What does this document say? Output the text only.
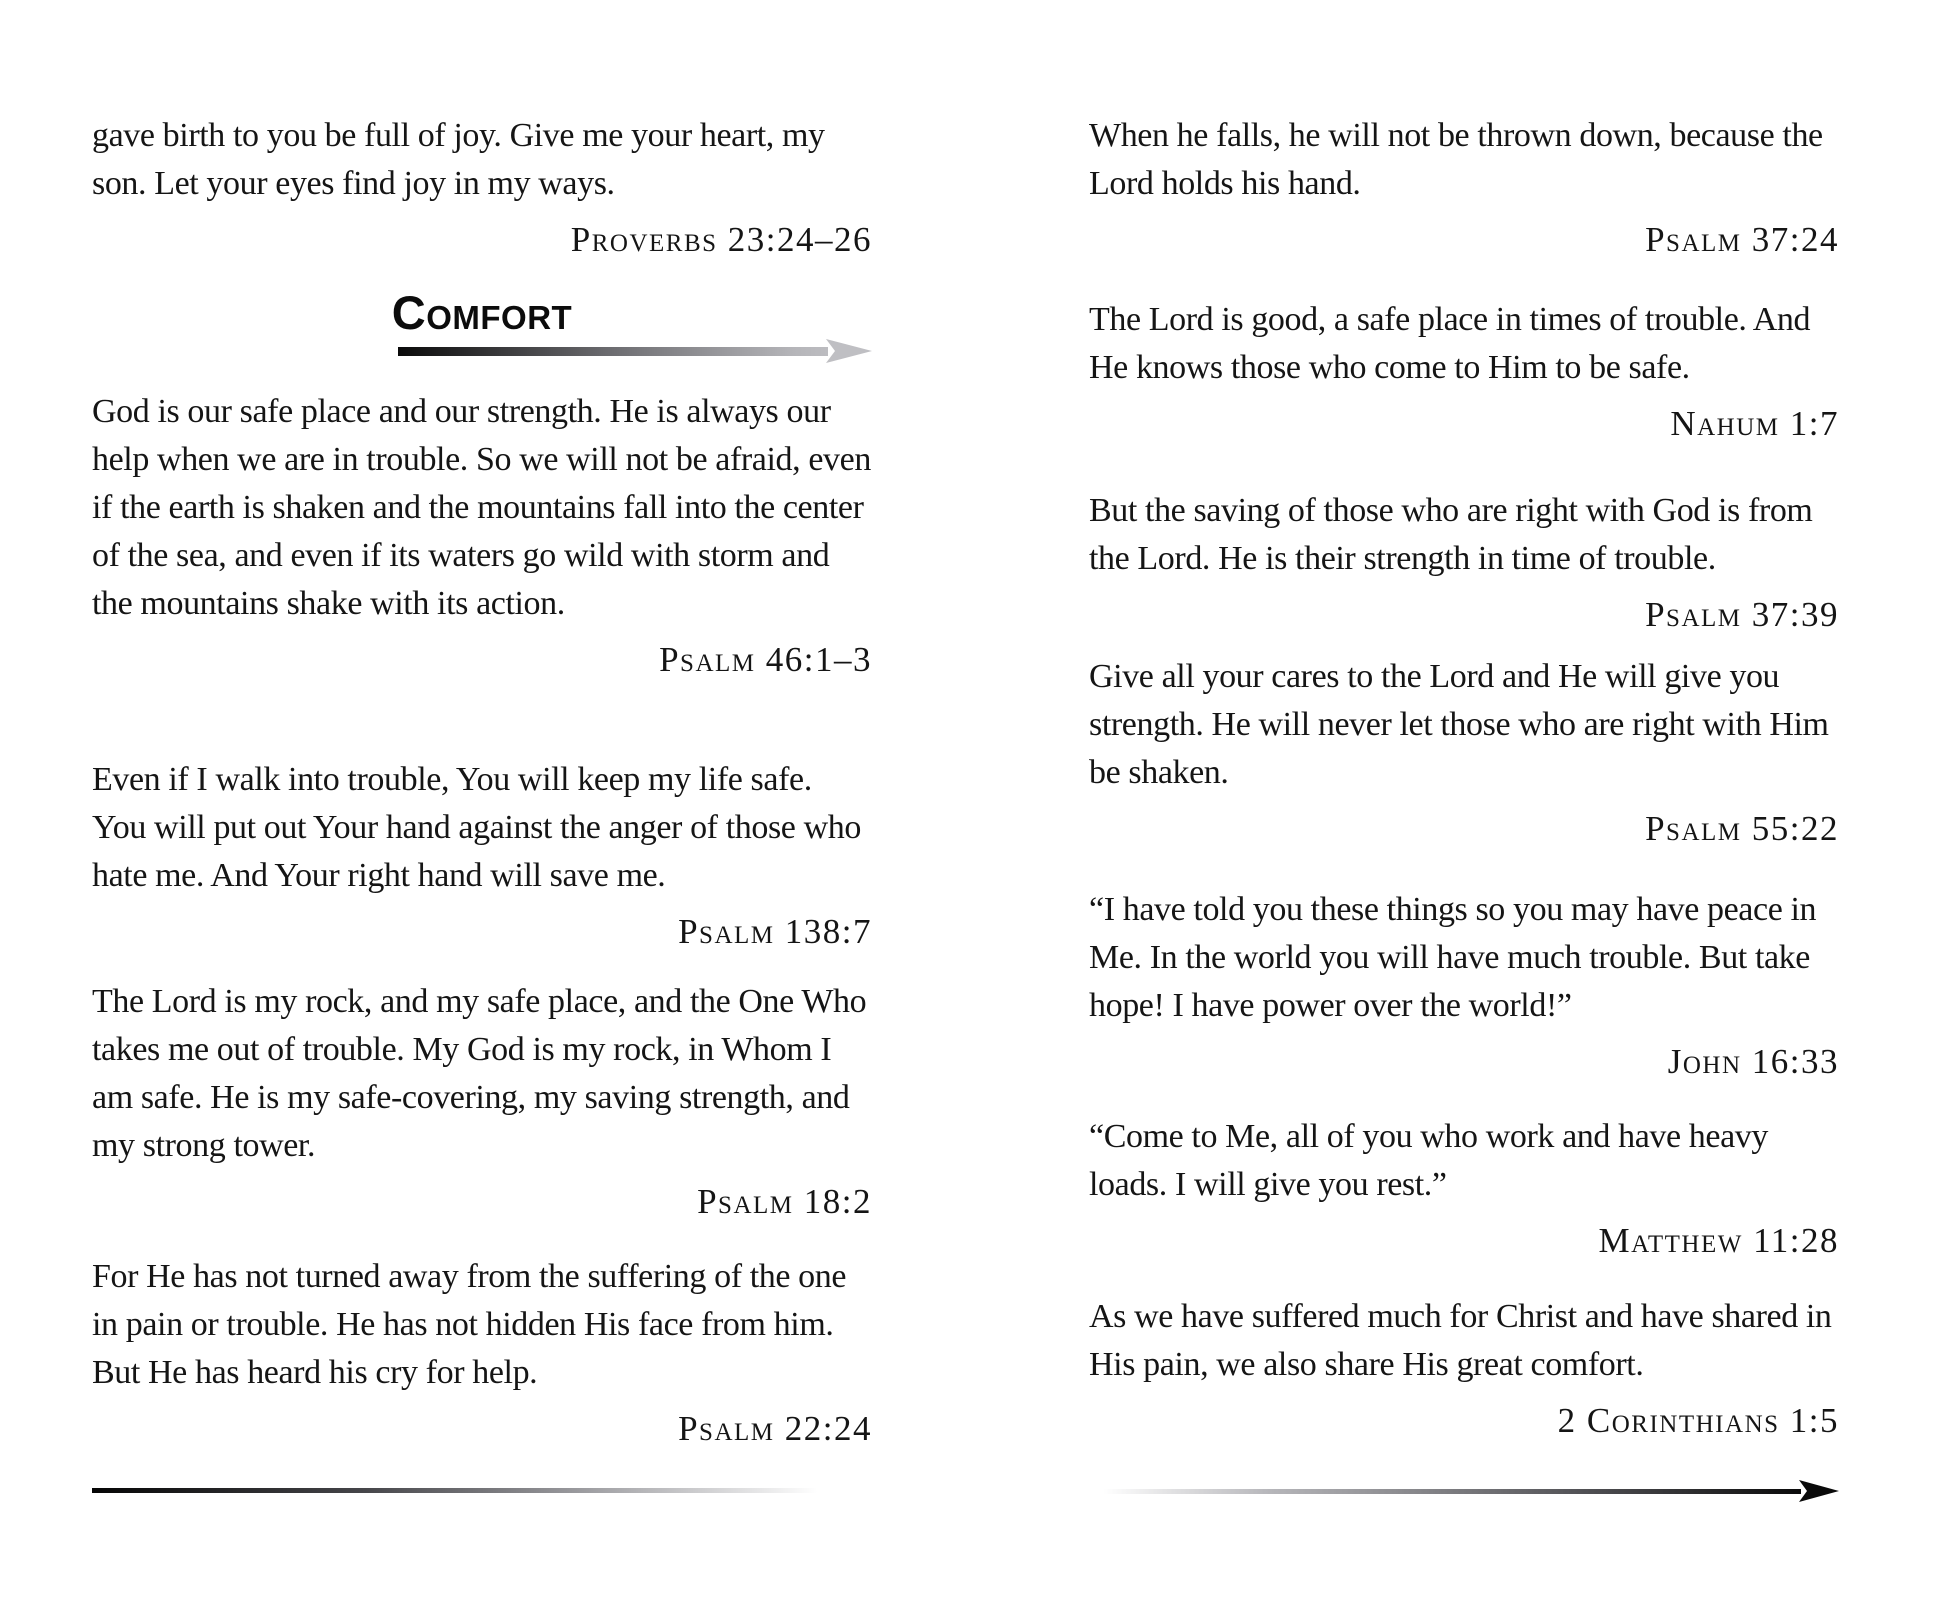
gave birth to you be full of joy. Give me your heart, my son. Let your eyes find joy in my ways.

Proverbs 23:24–26

Comfort

God is our safe place and our strength. He is always our help when we are in trouble. So we will not be afraid, even if the earth is shaken and the mountains fall into the center of the sea, and even if its waters go wild with storm and the mountains shake with its action.

Psalm 46:1–3

Even if I walk into trouble, You will keep my life safe. You will put out Your hand against the anger of those who hate me. And Your right hand will save me.

Psalm 138:7

The Lord is my rock, and my safe place, and the One Who takes me out of trouble. My God is my rock, in Whom I am safe. He is my safe-covering, my saving strength, and my strong tower.

Psalm 18:2

For He has not turned away from the suffering of the one in pain or trouble. He has not hidden His face from him. But He has heard his cry for help.

Psalm 22:24

When he falls, he will not be thrown down, because the Lord holds his hand.

Psalm 37:24

The Lord is good, a safe place in times of trouble. And He knows those who come to Him to be safe.

Nahum 1:7

But the saving of those who are right with God is from the Lord. He is their strength in time of trouble.

Psalm 37:39

Give all your cares to the Lord and He will give you strength. He will never let those who are right with Him be shaken.

Psalm 55:22

“I have told you these things so you may have peace in Me. In the world you will have much trouble. But take hope! I have power over the world!”

John 16:33

“Come to Me, all of you who work and have heavy loads. I will give you rest.”

Matthew 11:28

As we have suffered much for Christ and have shared in His pain, we also share His great comfort.

2 Corinthians 1:5
